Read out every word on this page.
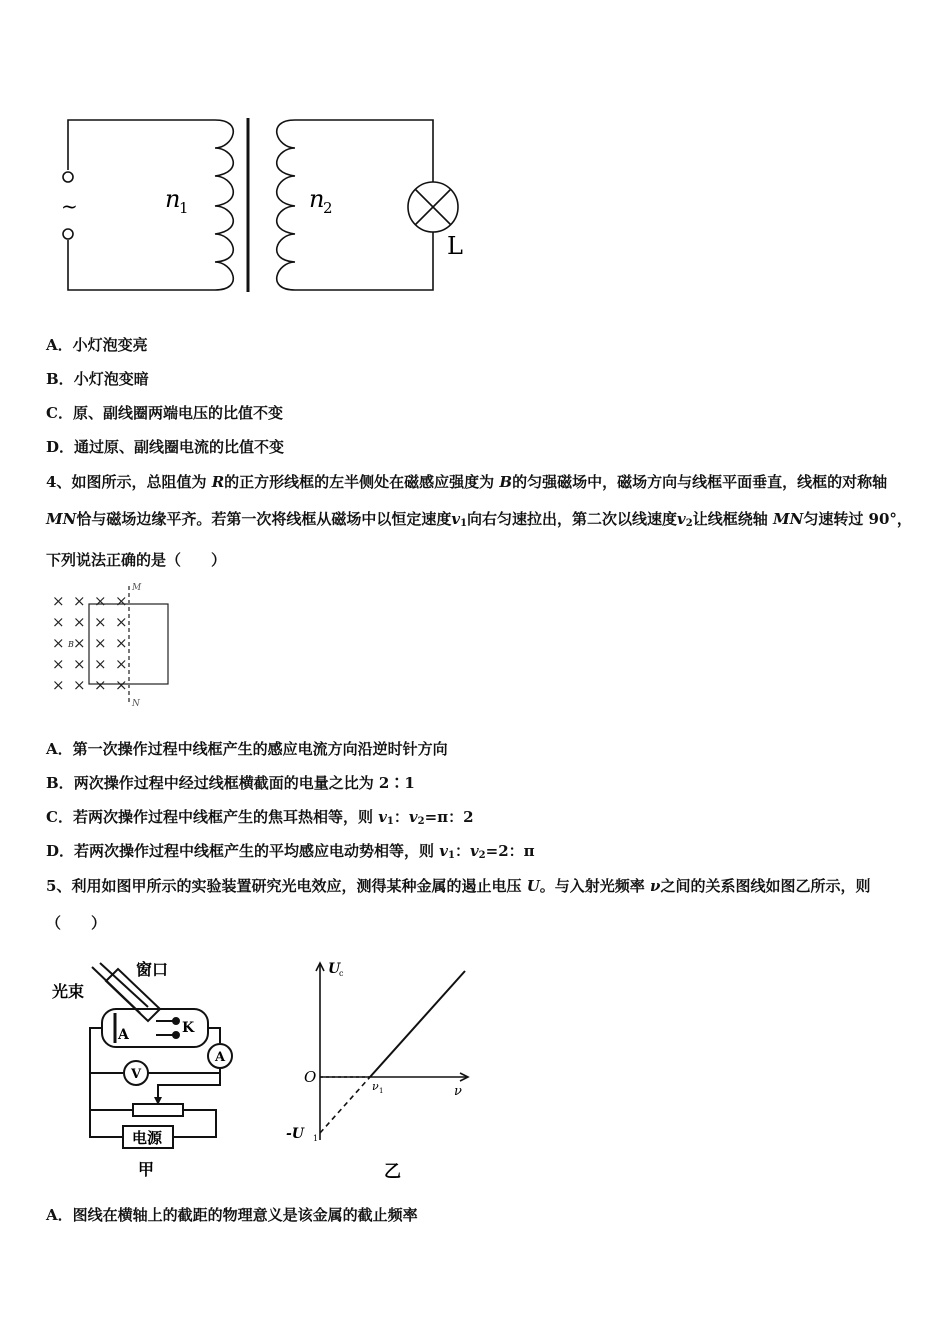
~	n
1	n
2
L
A．小灯泡变亮
B．小灯泡变暗
C．原、副线圈两端电压的比值不变
D．通过原、副线圈电流的比值不变
4、如图所示，总阻值为 R的正方形线框的左半侧处在磁感应强度为 B的匀强磁场中，磁场方向与线框平面垂直，线框的对称轴 MN恰与磁场边缘平齐。若第一次将线框从磁场中以恒定速度$v_1$向右匀速拉出，第二次以线速度$v_2$让线框绕轴 MN匀速转过 90°，下列说法正确的是（　　）
× × × ×
× × × ×
× × × ×
× × × ×
× × × ×
M
N
B
A．第一次操作过程中线框产生的感应电流方向沿逆时针方向
B．两次操作过程中经过线框横截面的电量之比为 2∶1
C．若两次操作过程中线框产生的焦耳热相等，则 $v_1$：$v_2=\pi$：2
D．若两次操作过程中线框产生的平均感应电动势相等，则 $v_1$：$v_2=2$：π
5、利用如图甲所示的实验装置研究光电效应，测得某种金属的遏止电压 U。与入射光频率 ν之间的关系图线如图乙所示，则（　　）
窗口
光束
A	K
A
V
电源
甲
U
c
O
ν
ν 1
-U 1
乙
A．图线在横轴上的截距的物理意义是该金属的截止频率
